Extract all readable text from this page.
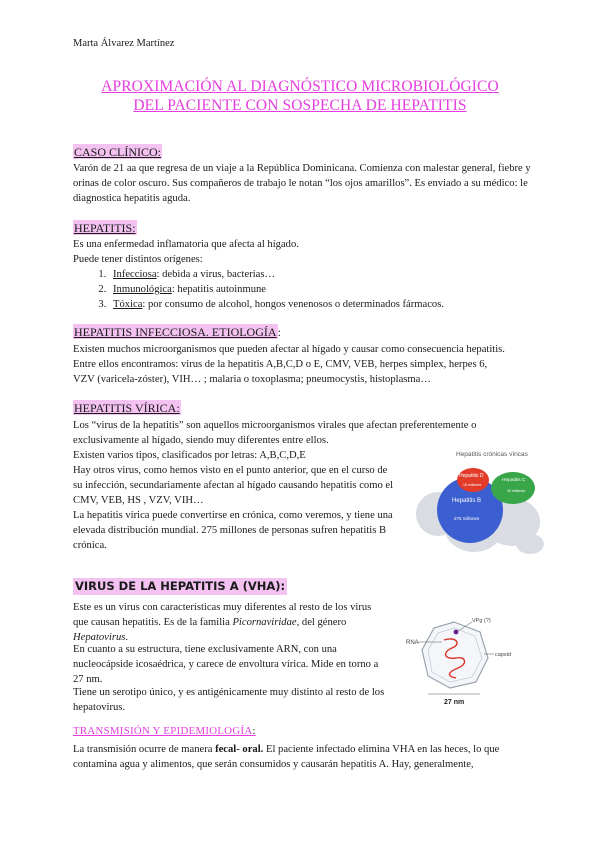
Marta Álvarez Martínez
APROXIMACIÓN AL DIAGNÓSTICO MICROBIOLÓGICO
DEL PACIENTE CON SOSPECHA DE HEPATITIS
CASO CLÍNICO:

Varón de 21 aa que regresa de un viaje a la República Dominicana. Comienza con malestar general, fiebre y orinas de color oscuro. Sus compañeros de trabajo le notan “los ojos amarillos”. Es enviado a su médico: le diagnostica hepatitis aguda.

HEPATITIS:
Es una enfermedad inflamatoria que afecta al hígado.
Puede tener distintos orígenes:
1. Infecciosa: debida a virus, bacterias…
2. Inmunológica: hepatitis autoinmune
3. Tóxica: por consumo de alcohol, hongos venenosos o determinados fármacos.
HEPATITIS INFECCIOSA. ETIOLOGÍA:
Existen muchos microorganismos que pueden afectar al hígado y causar como consecuencia hepatitis.
Entre ellos encontramos: virus de la hepatitis A,B,C,D o E, CMV, VEB, herpes simplex, herpes 6,
VZV (varicela-zóster), VIH… ; malaria o toxoplasma; pneumocystis, histoplasma…
HEPATITIS VÍRICA:
Los “virus de la hepatitis” son aquellos microorganismos virales que afectan preferentemente o
exclusivamente al hígado, siendo muy diferentes entre ellos.
Existen varios tipos, clasificados por letras: A,B,C,D,E

Hay otros virus, como hemos visto en el punto anterior, que en el curso de su infección, secundariamente afectan al hígado causando hepatitis como el CMV, VEB, HS , VZV, VIH…

La hepatitis vírica puede convertirse en crónica, como veremos, y tiene una elevada distribución mundial. 275 millones de personas sufren hepatitis B crónica.

Hepatitis crónicas víricas
Hepatitis D
15 millones
Hepatitis C
30 millones
Hepatitis B
275 millones
VIRUS DE LA HEPATITIS A (VHA):

Este es un virus con características muy diferentes al resto de los virus que causan hepatitis. Es de la familia Picornaviridae, del género Hepatovirus.

En cuanto a su estructura, tiene exclusivamente ARN, con una nucleocápside icosaédrica, y carece de envoltura vírica. Mide en torno a 27 nm.

Tiene un serotipo único, y es antigénicamente muy distinto al resto de los hepatovirus.

RNA
VPg (?)
capsid
27 nm
TRANSMISIÓN Y EPIDEMIOLOGÍA:
La transmisión ocurre de manera fecal- oral. El paciente infectado elimina VHA en las heces, lo que
contamina agua y alimentos, que serán consumidos y causarán hepatitis A. Hay, generalmente,
